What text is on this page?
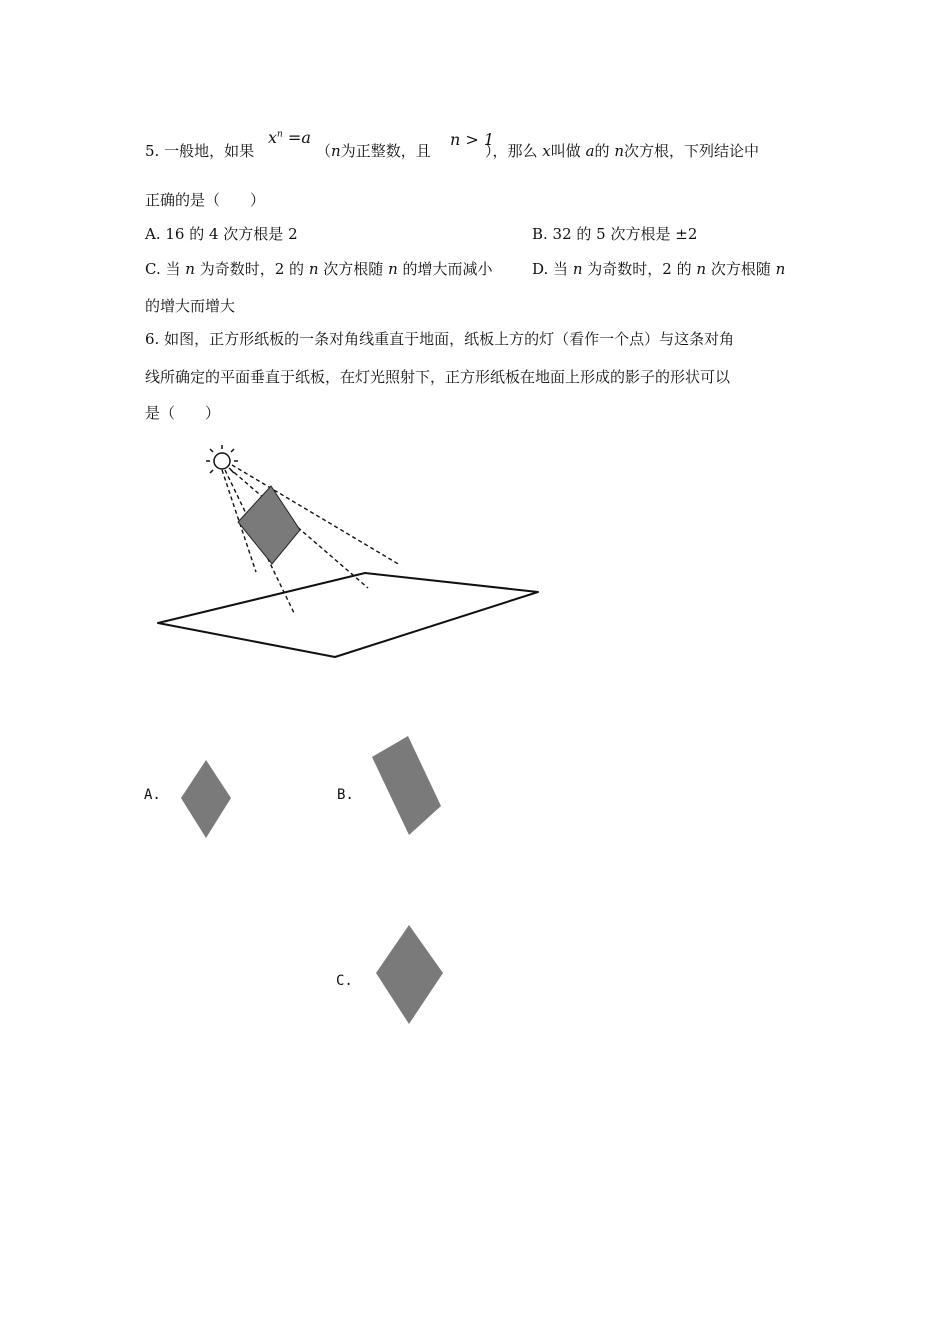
5. 一般地，如果
$x^n =a$
（n为正整数，且
n > 1
），那么 x叫做 a的 n次方根，下列结论中
正确的是（　　）
A. 16 的 4 次方根是 2	B. 32 的 5 次方根是 ±2
C. 当 n 为奇数时，2 的 n 次方根随 n 的增大而减小	D. 当 n 为奇数时，2 的 n 次方根随 n
的增大而增大
6. 如图，正方形纸板的一条对角线重直于地面，纸板上方的灯（看作一个点）与这条对角
线所确定的平面垂直于纸板，在灯光照射下，正方形纸板在地面上形成的影子的形状可以
是（　　）
A.	B.
C.
